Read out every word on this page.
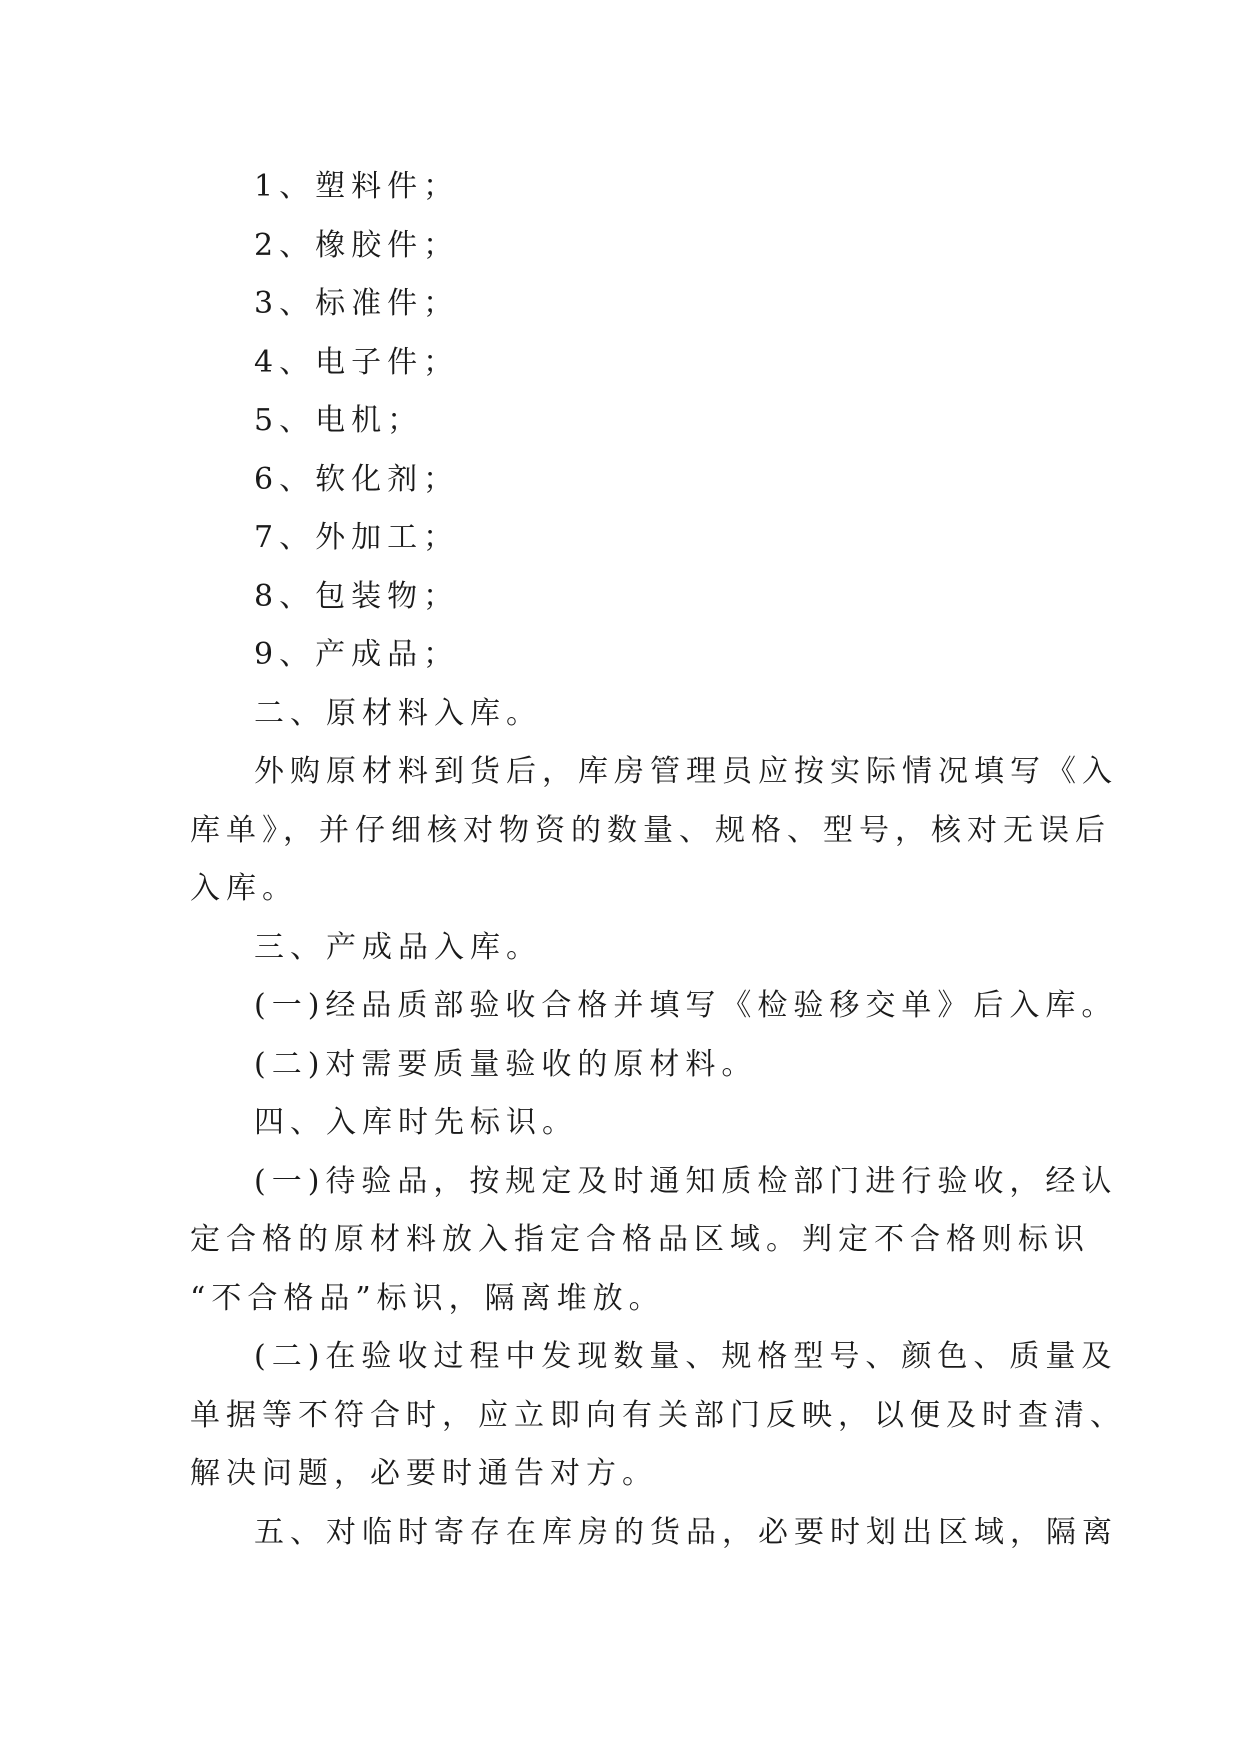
1、塑料件；
2、橡胶件；
3、标准件；
4、电子件；
5、电机；
6、软化剂；
7、外加工；
8、包装物；
9、产成品；
二、原材料入库。
外购原材料到货后，库房管理员应按实际情况填写《入
库单》，并仔细核对物资的数量、规格、型号，核对无误后
入库。
三、产成品入库。
(一)经品质部验收合格并填写《检验移交单》后入库。
(二)对需要质量验收的原材料。
四、入库时先标识。
(一)待验品，按规定及时通知质检部门进行验收，经认
定合格的原材料放入指定合格品区域。判定不合格则标识
“不合格品”标识，隔离堆放。
(二)在验收过程中发现数量、规格型号、颜色、质量及
单据等不符合时，应立即向有关部门反映，以便及时查清、
解决问题，必要时通告对方。
五、对临时寄存在库房的货品，必要时划出区域，隔离
